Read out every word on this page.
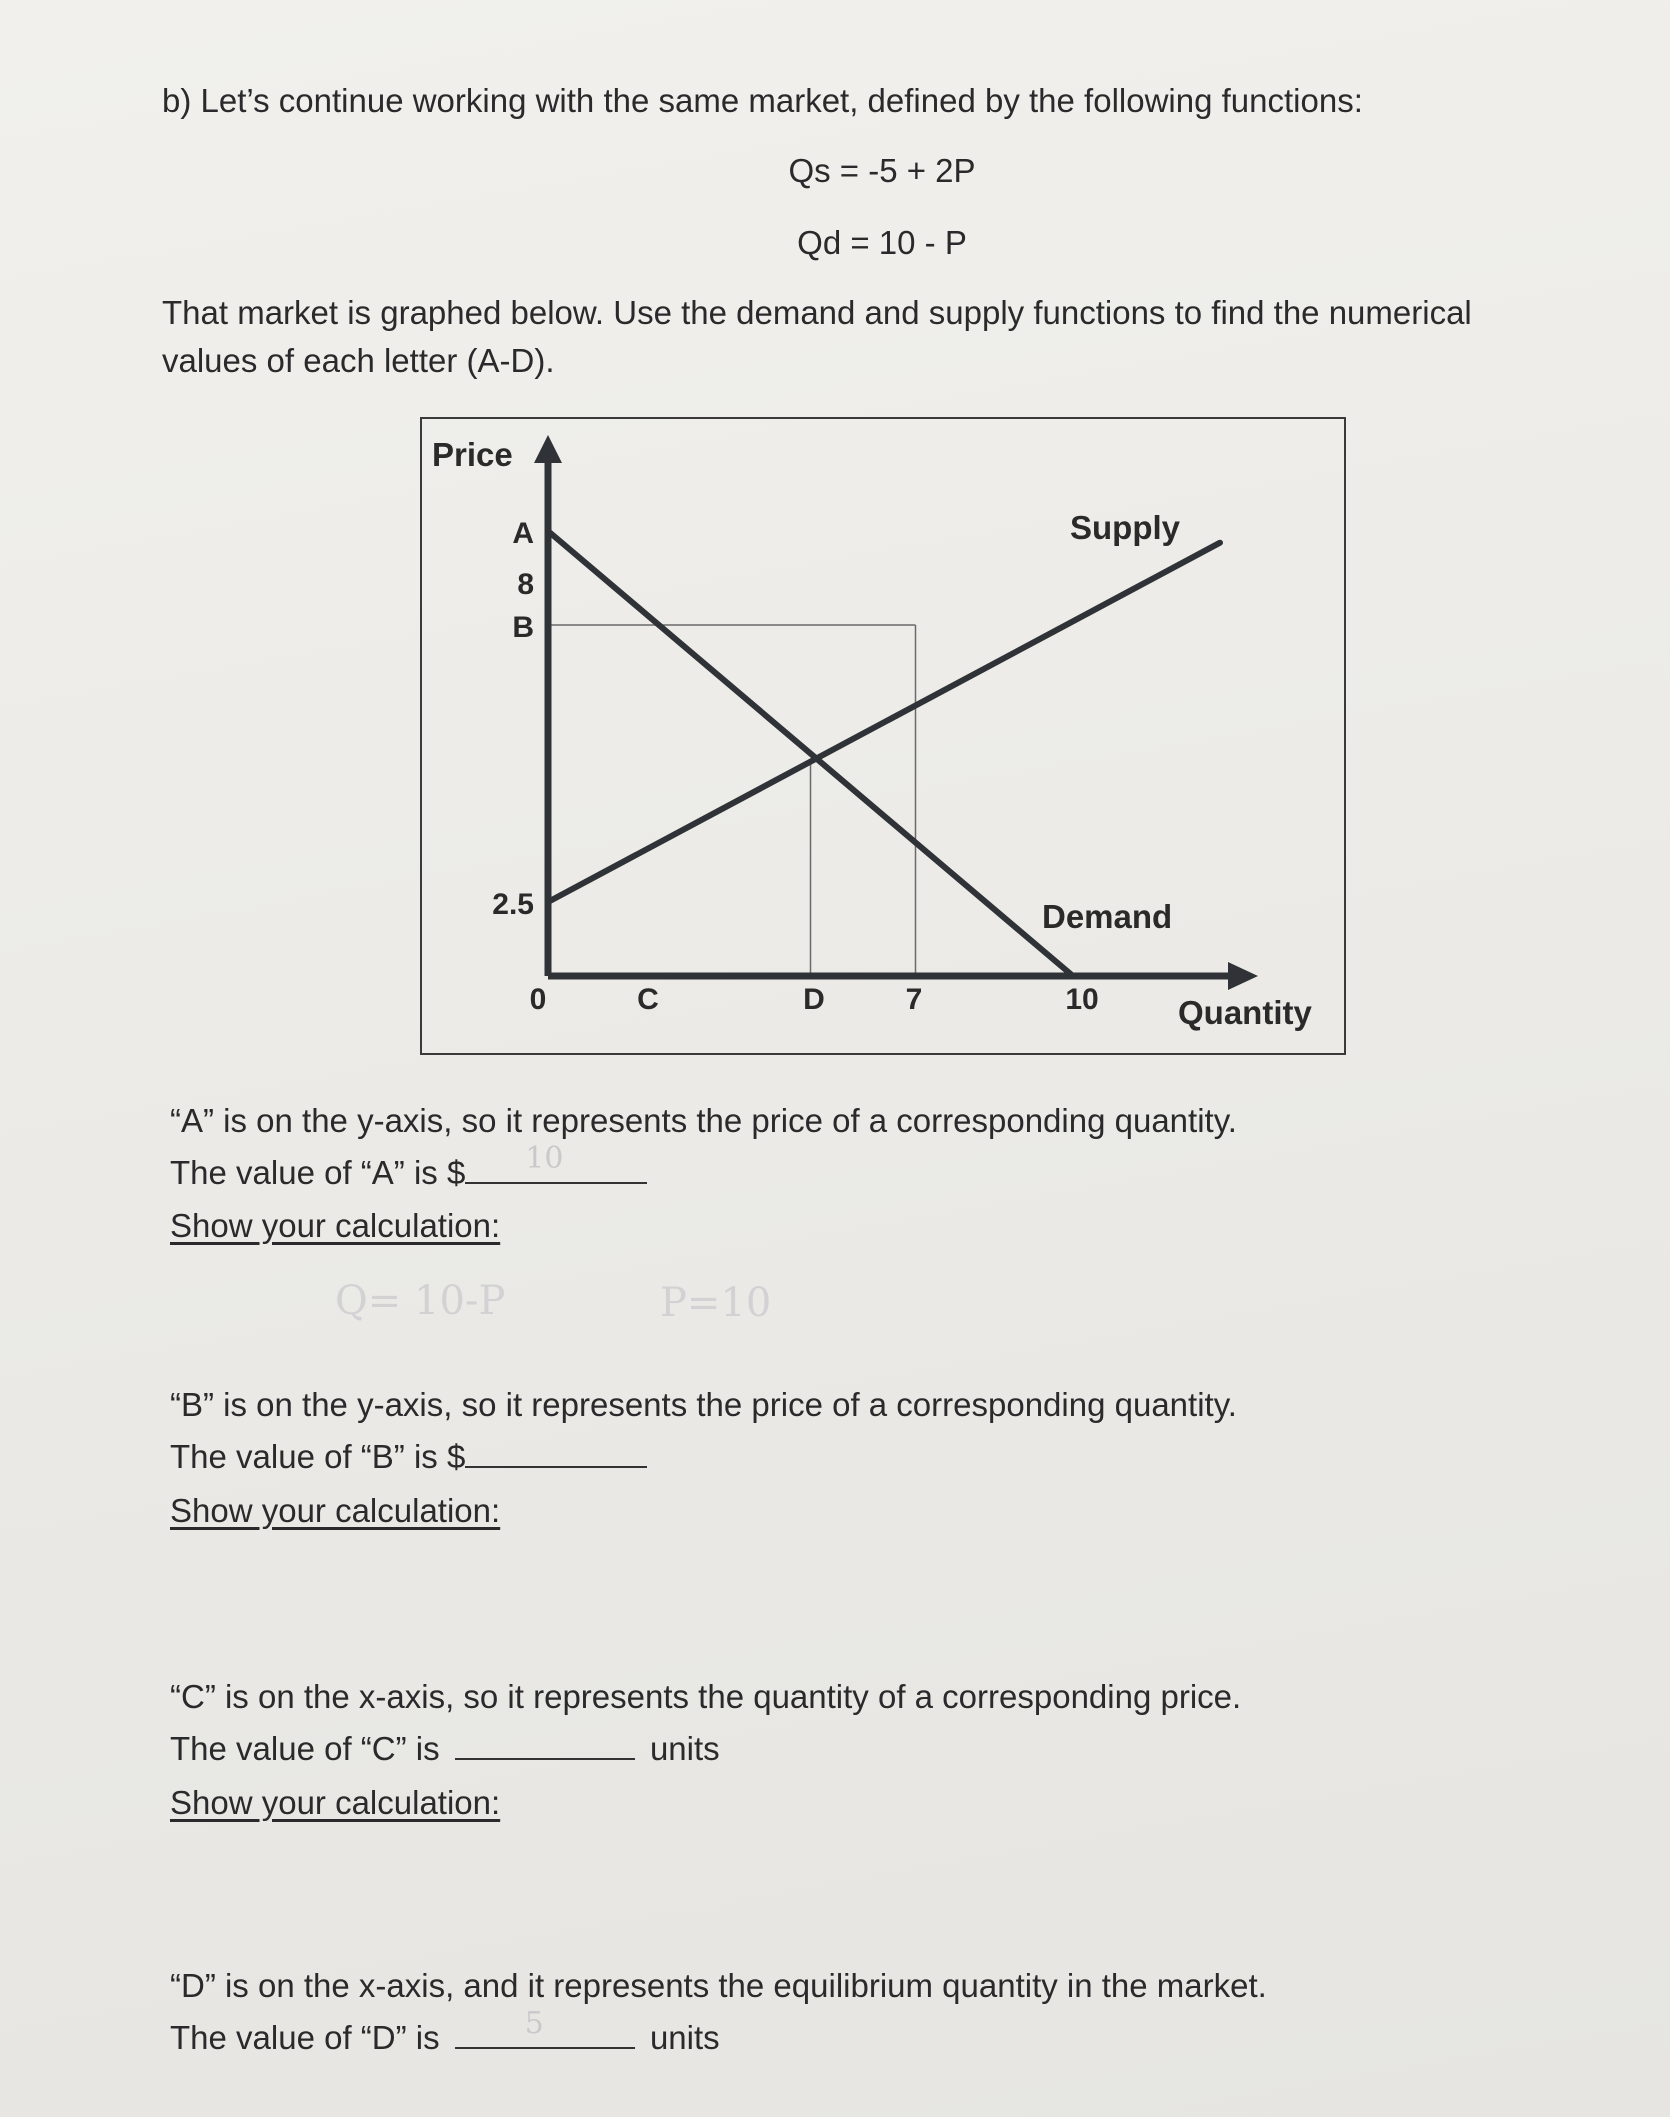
b) Let’s continue working with the same market, defined by the following functions:
Qs = -5 + 2P
Qd = 10 - P
That market is graphed below. Use the demand and supply functions to find the numerical
values of each letter (A-D).
Price
Quantity
A
8
B
2.5
0	C	D	7	10
Supply
Demand
“A” is on the y-axis, so it represents the price of a corresponding quantity.
The value of “A” is $ 10
Show your calculation:
Q= 10-P	P=10
“B” is on the y-axis, so it represents the price of a corresponding quantity.
The value of “B” is $
Show your calculation:
“C” is on the x-axis, so it represents the quantity of a corresponding price.
The value of “C” is	units
Show your calculation:
“D” is on the x-axis, and it represents the equilibrium quantity in the market.
The value of “D” is	5	units
